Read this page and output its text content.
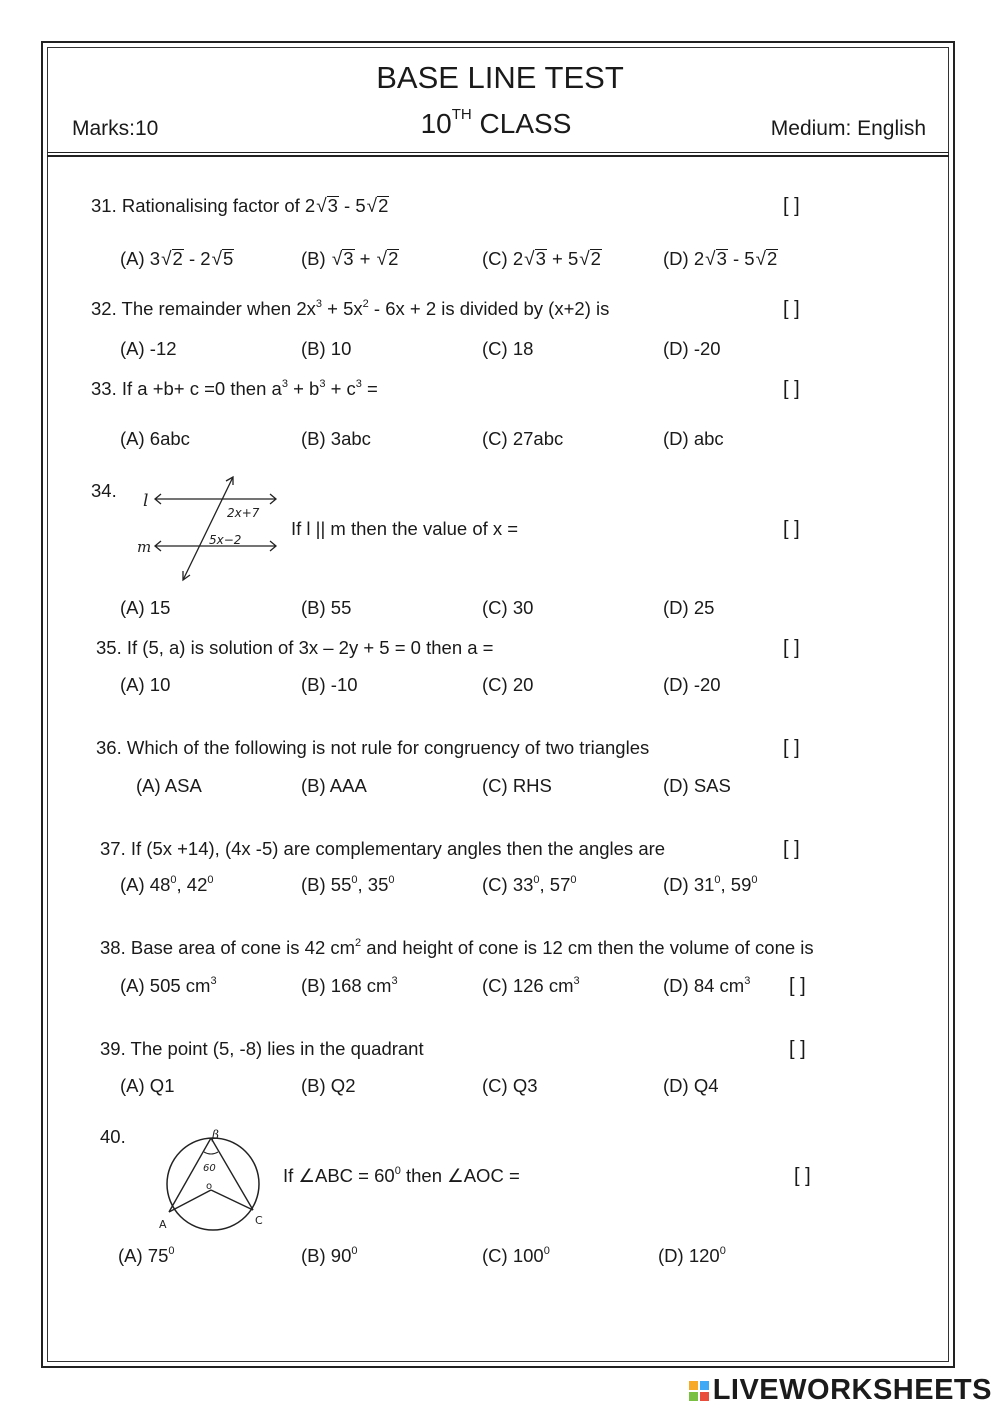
BASE LINE TEST
Marks:10	10TH CLASS	Medium: English
31. Rationalising factor of 2√3 - 5√2	[ ]
(A) 3√2 - 2√5	(B) √3 + √2	(C) 2√3 + 5√2	(D) 2√3 - 5√2
32. The remainder when $2x^3 + 5x^2 - 6x + 2$ is divided by (x+2) is	[ ]
(A) -12	(B) 10	(C) 18	(D) -20
33. If a +b+ c =0 then $a^3 + b^3 + c^3$ =	[ ]
(A) 6abc	(B) 3abc	(C) 27abc	(D) abc
34. l
m
2x+7
5x−2
If l || m then the value of x =	[ ]
(A) 15	(B) 55	(C) 30	(D) 25
35. If (5, a) is solution of 3x – 2y + 5 = 0 then a =	[ ]
(A) 10	(B) -10	(C) 20	(D) -20
36. Which of the following is not rule for congruency of two triangles	[ ]
(A) ASA	(B) AAA	(C) RHS	(D) SAS
37. If (5x +14), (4x -5) are complementary angles then the angles are	[ ]
(A) $48^0$, $42^0$	(B) $55^0$, $35^0$	(C) $33^0$, $57^0$	(D) $31^0$, $59^0$
38. Base area of cone is 42 $cm^2$ and height of cone is 12 cm then the volume of cone is
(A) 505 $cm^3$	(B) 168 $cm^3$	(C) 126 $cm^3$	(D) 84 $cm^3$ [ ]
39. The point (5, -8) lies in the quadrant	[ ]
(A) Q1	(B) Q2	(C) Q3	(D) Q4
40.	β
A	C
60
o
If ∠ABC = $60^0$ then ∠AOC =	[ ]
(A) $75^0$	(B) $90^0$	(C) $100^0$	(D) $120^0$
LIVEWORKSHEETS
